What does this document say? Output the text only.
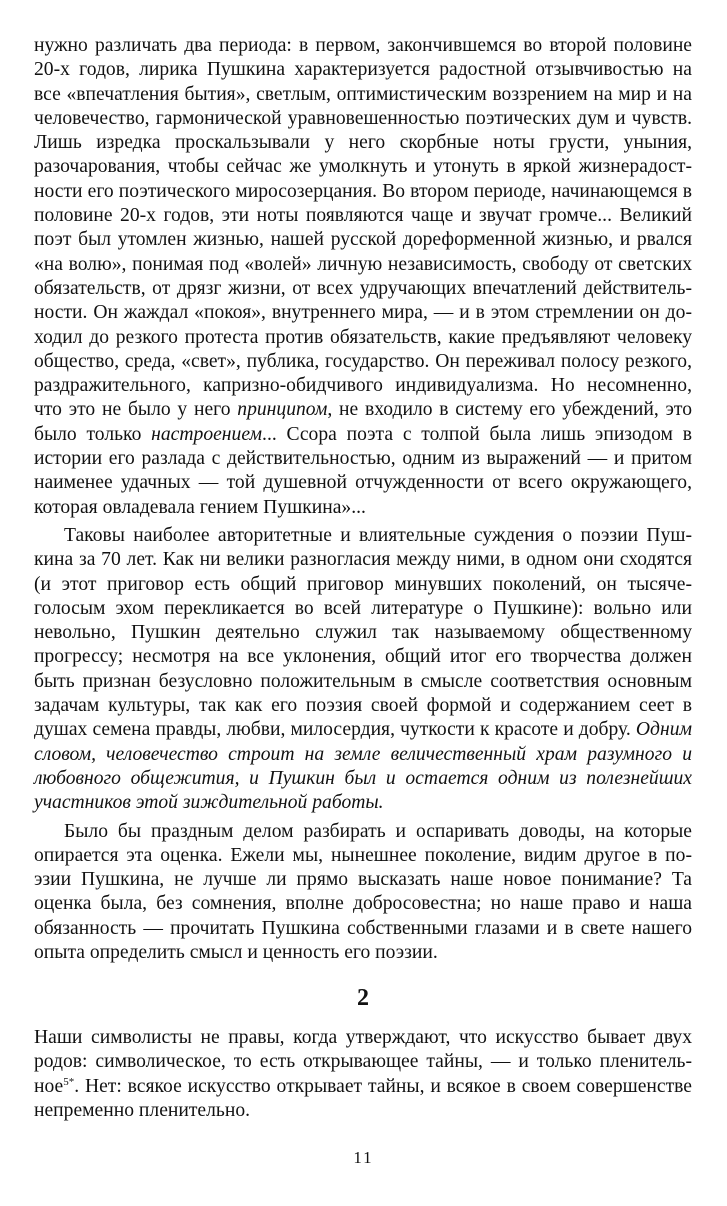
нужно различать два периода: в первом, закончившемся во второй половине 20-х годов, лирика Пушкина характеризуется радостной отзывчивостью на все «впечатления бытия», светлым, оптимистическим воззрением на мир и на человечество, гармонической уравновешенностью поэтических дум и чувств. Лишь изредка проскальзывали у него скорбные ноты грусти, уныния, разочарования, чтобы сейчас же умолкнуть и утонуть в яркой жизнерадостности его поэтического миросозерцания. Во втором периоде, начинающемся в половине 20-х годов, эти ноты появляются чаще и звучат громче... Великий поэт был утомлен жизнью, нашей русской дореформенной жизнью, и рвался «на волю», понимая под «волей» личную независимость, свободу от светских обязательств, от дрязг жизни, от всех удручающих впечатлений действительности. Он жаждал «покоя», внутреннего мира, — и в этом стремлении он доходил до резкого протеста против обязательств, какие предъявляют человеку общество, среда, «свет», публика, государство. Он переживал полосу резкого, раздражительного, капризно-обидчивого индивидуализма. Но несомненно, что это не было у него принципом, не входило в систему его убеждений, это было только настроением... Ссора поэта с толпой была лишь эпизодом в истории его разлада с действительностью, одним из выражений — и притом наименее удачных — той душевной отчужденности от всего окружающего, которая овладевала гением Пушкина»...

Таковы наиболее авторитетные и влиятельные суждения о поэзии Пушкина за 70 лет. Как ни велики разногласия между ними, в одном они сходятся (и этот приговор есть общий приговор минувших поколений, он тысячеголосым эхом перекликается во всей литературе о Пушкине): вольно или невольно, Пушкин деятельно служил так называемому общественному прогрессу; несмотря на все уклонения, общий итог его творчества должен быть признан безусловно положительным в смысле соответствия основным задачам культуры, так как его поэзия своей формой и содержанием сеет в душах семена правды, любви, милосердия, чуткости к красоте и добру. Одним словом, человечество строит на земле величественный храм разумного и любовного общежития, и Пушкин был и остается одним из полезнейших участников этой зиждительной работы.

Было бы праздным делом разбирать и оспаривать доводы, на которые опирается эта оценка. Ежели мы, нынешнее поколение, видим другое в поэзии Пушкина, не лучше ли прямо высказать наше новое понимание? Та оценка была, без сомнения, вполне добросовестна; но наше право и наша обязанность — прочитать Пушкина собственными глазами и в свете нашего опыта определить смысл и ценность его поэзии.

2

Наши символисты не правы, когда утверждают, что искусство бывает двух родов: символическое, то есть открывающее тайны, — и только пленительное$^{5*}$. Нет: всякое искусство открывает тайны, и всякое в своем совершенстве непременно пленительно.

11
